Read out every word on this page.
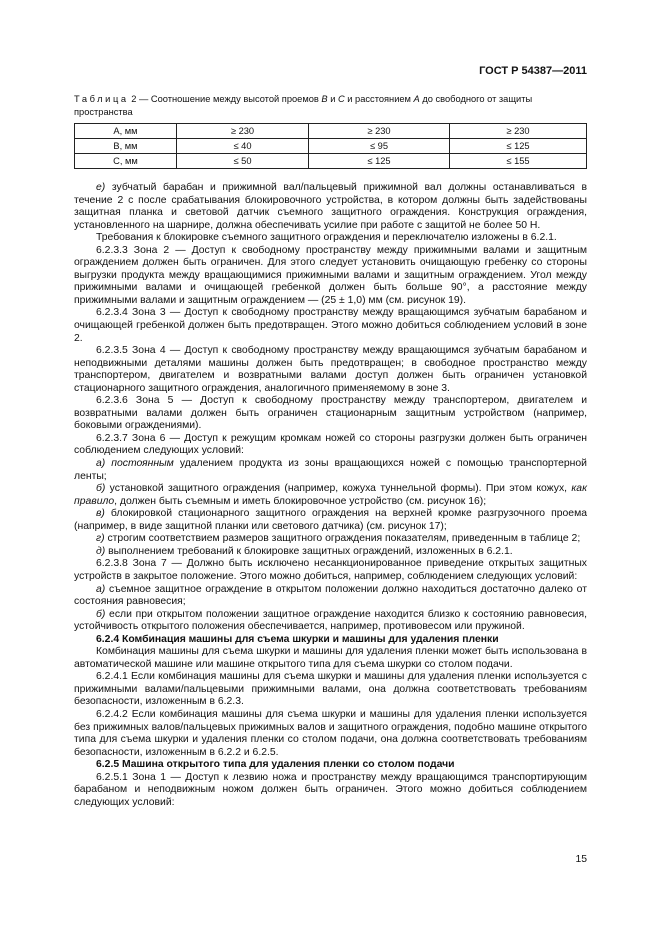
ГОСТ Р 54387—2011
Таблица 2 — Соотношение между высотой проемов В и С и расстоянием А до свободного от защиты пространства
А, мм	≥ 230	≥ 230	≥ 230
В, мм	≤ 40	≤ 95	≤ 125
С, мм	≤ 50	≤ 125	≤ 155

е) зубчатый барабан и прижимной вал/пальцевый прижимной вал должны останавливаться в течение 2 с после срабатывания блокировочного устройства, в котором должны быть задействованы защитная планка и световой датчик съемного защитного ограждения. Конструкция ограждения, установленного на шарнире, должна обеспечивать усилие при работе с защитой не более 50 Н.

Требования к блокировке съемного защитного ограждения и переключателю изложены в 6.2.1.

6.2.3.3 Зона 2 — Доступ к свободному пространству между прижимными валами и защитным ограждением должен быть ограничен. Для этого следует установить очищающую гребенку со стороны выгрузки продукта между вращающимися прижимными валами и защитным ограждением. Угол между прижимными валами и очищающей гребенкой должен быть больше 90°, а расстояние между прижимными валами и защитным ограждением — (25 ± 1,0) мм (см. рисунок 19).

6.2.3.4 Зона 3 — Доступ к свободному пространству между вращающимся зубчатым барабаном и очищающей гребенкой должен быть предотвращен. Этого можно добиться соблюдением условий в зоне 2.

6.2.3.5 Зона 4 — Доступ к свободному пространству между вращающимся зубчатым барабаном и неподвижными деталями машины должен быть предотвращен; в свободное пространство между транспортером, двигателем и возвратными валами доступ должен быть ограничен установкой стационарного защитного ограждения, аналогичного применяемому в зоне 3.

6.2.3.6 Зона 5 — Доступ к свободному пространству между транспортером, двигателем и возвратными валами должен быть ограничен стационарным защитным устройством (например, боковыми ограждениями).

6.2.3.7 Зона 6 — Доступ к режущим кромкам ножей со стороны разгрузки должен быть ограничен соблюдением следующих условий:

а) постоянным удалением продукта из зоны вращающихся ножей с помощью транспортерной ленты;

б) установкой защитного ограждения (например, кожуха туннельной формы). При этом кожух, как правило, должен быть съемным и иметь блокировочное устройство (см. рисунок 16);

в) блокировкой стационарного защитного ограждения на верхней кромке разгрузочного проема (например, в виде защитной планки или светового датчика) (см. рисунок 17);

г) строгим соответствием размеров защитного ограждения показателям, приведенным в таблице 2;

д) выполнением требований к блокировке защитных ограждений, изложенных в 6.2.1.

6.2.3.8 Зона 7 — Должно быть исключено несанкционированное приведение открытых защитных устройств в закрытое положение. Этого можно добиться, например, соблюдением следующих условий:

а) съемное защитное ограждение в открытом положении должно находиться достаточно далеко от состояния равновесия;

б) если при открытом положении защитное ограждение находится близко к состоянию равновесия, устойчивость открытого положения обеспечивается, например, противовесом или пружиной.

6.2.4 Комбинация машины для съема шкурки и машины для удаления пленки

Комбинация машины для съема шкурки и машины для удаления пленки может быть использована в автоматической машине или машине открытого типа для съема шкурки со столом подачи.

6.2.4.1 Если комбинация машины для съема шкурки и машины для удаления пленки используется с прижимными валами/пальцевыми прижимными валами, она должна соответствовать требованиям безопасности, изложенным в 6.2.3.

6.2.4.2 Если комбинация машины для съема шкурки и машины для удаления пленки используется без прижимных валов/пальцевых прижимных валов и защитного ограждения, подобно машине открытого типа для съема шкурки и удаления пленки со столом подачи, она должна соответствовать требованиям безопасности, изложенным в 6.2.2 и 6.2.5.

6.2.5 Машина открытого типа для удаления пленки со столом подачи

6.2.5.1 Зона 1 — Доступ к лезвию ножа и пространству между вращающимся транспортирующим барабаном и неподвижным ножом должен быть ограничен. Этого можно добиться соблюдением следующих условий:

15
